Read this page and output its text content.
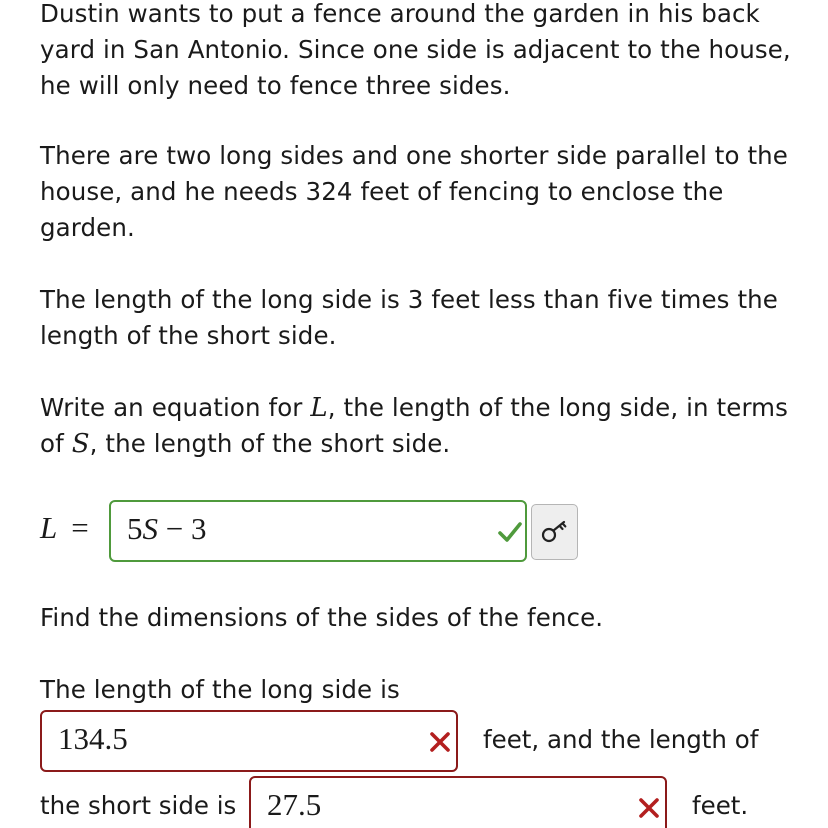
Dustin wants to put a fence around the garden in his back yard in San Antonio. Since one side is adjacent to the house, he will only need to fence three sides.

There are two long sides and one shorter side parallel to the house, and he needs 324 feet of fencing to enclose the garden.

The length of the long side is 3 feet less than five times the length of the short side.

Write an equation for L, the length of the long side, in terms of S, the length of the short side.

L = 5S − 3

Find the dimensions of the sides of the fence.

The length of the long side is

134.5	feet, and the length of
the short side is 27.5	feet.
